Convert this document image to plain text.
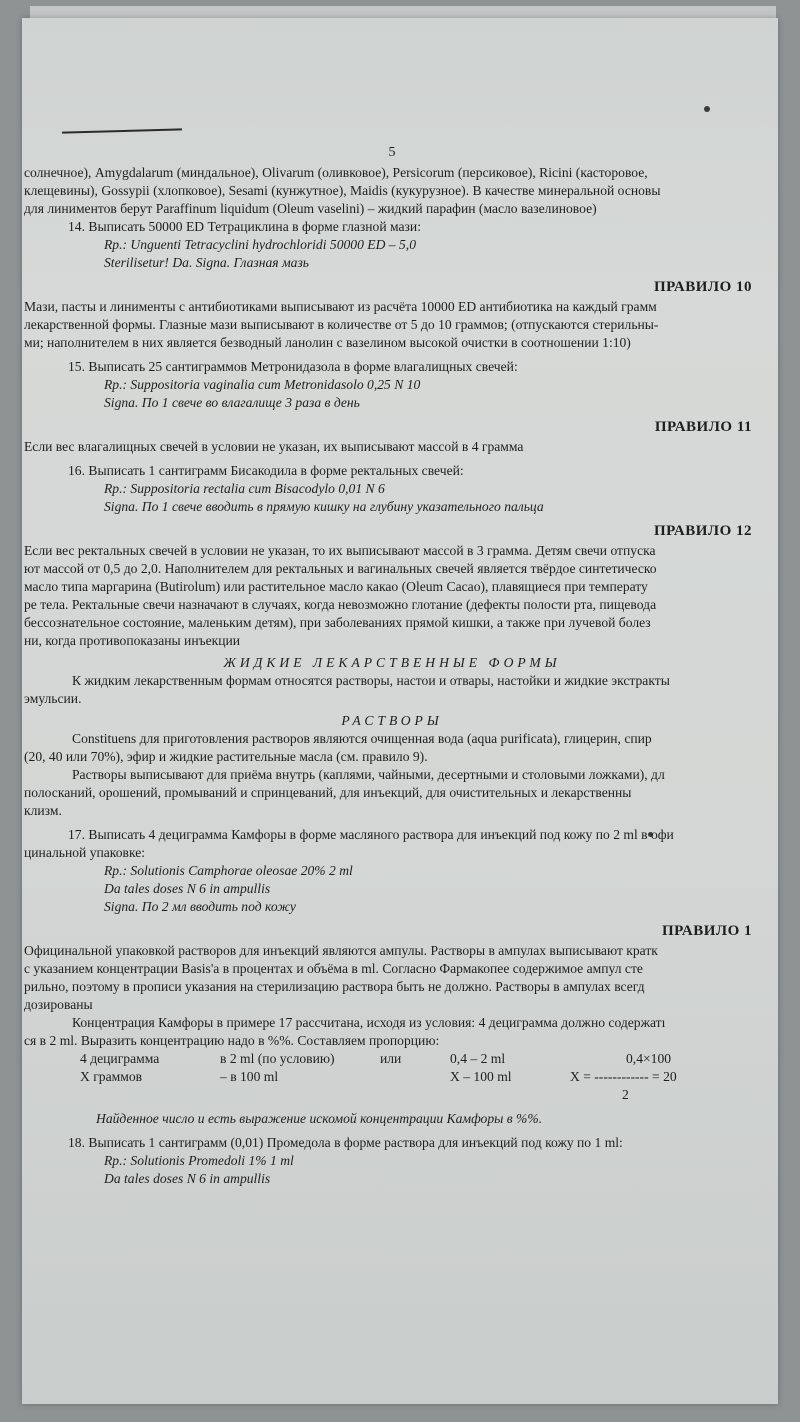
5

солнечное), Amygdalarum (миндальное), Olivarum (оливковое), Persicorum (персиковое), Ricini (касторовое,

клещевины), Gossypii (хлопковое), Sesami (кунжутное), Maidis (кукурузное). В качестве минеральной основы

для линиментов берут Paraffinum liquidum (Oleum vaselini) – жидкий парафин (масло вазелиновое)

14. Выписать 50000 ЕD Тетрациклина в форме глазной мази:

Rp.: Unguenti Tetracyclini hydrochloridi 50000 ED – 5,0

Sterilisetur! Da. Signa. Глазная мазь

ПРАВИЛО 10

Мази, пасты и линименты с антибиотиками выписывают из расчёта 10000 ЕD антибиотика на каждый грамм

лекарственной формы. Глазные мази выписывают в количестве от 5 до 10 граммов; (отпускаются стерильны-

ми; наполнителем в них является безводный ланолин с вазелином высокой очистки в соотношении 1:10)

15. Выписать 25 сантиграммов Метронидазола в форме влагалищных свечей:

Rp.: Suppositoria vaginalia cum Metronidasolo 0,25 N 10

Signa. По 1 свече во влагалище 3 раза в день

ПРАВИЛО 11

Если вес влагалищных свечей в условии не указан, их выписывают массой в 4 грамма

16. Выписать 1 сантиграмм Бисакодила в форме ректальных свечей:

Rp.: Suppositoria rectalia cum Bisacodylo 0,01 N 6

Signa. По 1 свече вводить в прямую кишку на глубину указательного пальца

ПРАВИЛО 12

Если вес ректальных свечей в условии не указан, то их выписывают массой в 3 грамма. Детям свечи отпуска

ют массой от 0,5 до 2,0. Наполнителем для ректальных и вагинальных свечей является твёрдое синтетическо

масло типа маргарина (Butirolum) или растительное масло какао (Oleum Cacao), плавящиеся при температу

ре тела. Ректальные свечи назначают в случаях, когда невозможно глотание (дефекты полости рта, пищевода

бессознательное состояние, маленьким детям), при заболеваниях прямой кишки, а также при лучевой болез

ни, когда противопоказаны инъекции

ЖИДКИЕ ЛЕКАРСТВЕННЫЕ ФОРМЫ

К жидким лекарственным формам относятся растворы, настои и отвары, настойки и жидкие экстракты

эмульсии.

РАСТВОРЫ

Constituens для приготовления растворов являются очищенная вода (aqua purificata), глицерин, спир

(20, 40 или 70%), эфир и жидкие растительные масла (см. правило 9).

Растворы выписывают для приёма внутрь (каплями, чайными, десертными и столовыми ложками), дл

полосканий, орошений, промываний и спринцеваний, для инъекций, для очистительных и лекарственны

клизм.

17. Выписать 4 дециграмма Камфоры в форме масляного раствора для инъекций под кожу по 2 ml в офи

цинальной упаковке:

Rp.: Solutionis Camphorae oleosae 20% 2 ml

Da tales doses N 6 in ampullis

Signa. По 2 мл вводить под кожу

ПРАВИЛО 1

Официнальной упаковкой растворов для инъекций являются ампулы. Растворы в ампулах выписывают кратк

с указанием концентрации Basis'a в процентах и объёма в ml. Согласно Фармакопее содержимое ампул сте

рильно, поэтому в прописи указания на стерилизацию раствора быть не должно. Растворы в ампулах всегд

дозированы

Концентрация Камфоры в примере 17 рассчитана, исходя из условия: 4 дециграмма должно содержатı

ся в 2 ml. Выразить концентрацию надо в %%. Составляем пропорцию:

4 дециграмма	в 2 ml (по условию)	или	0,4 – 2 ml	0,4×100
X граммов	– в 100 ml	X – 100 ml	X = ------------ = 20
2

Найденное число и есть выражение искомой концентрации Камфоры в %%.

18. Выписать 1 сантиграмм (0,01) Промедола в форме раствора для инъекций под кожу по 1 ml:

Rp.: Solutionis Promedoli 1% 1 ml

Da tales doses N 6 in ampullis
